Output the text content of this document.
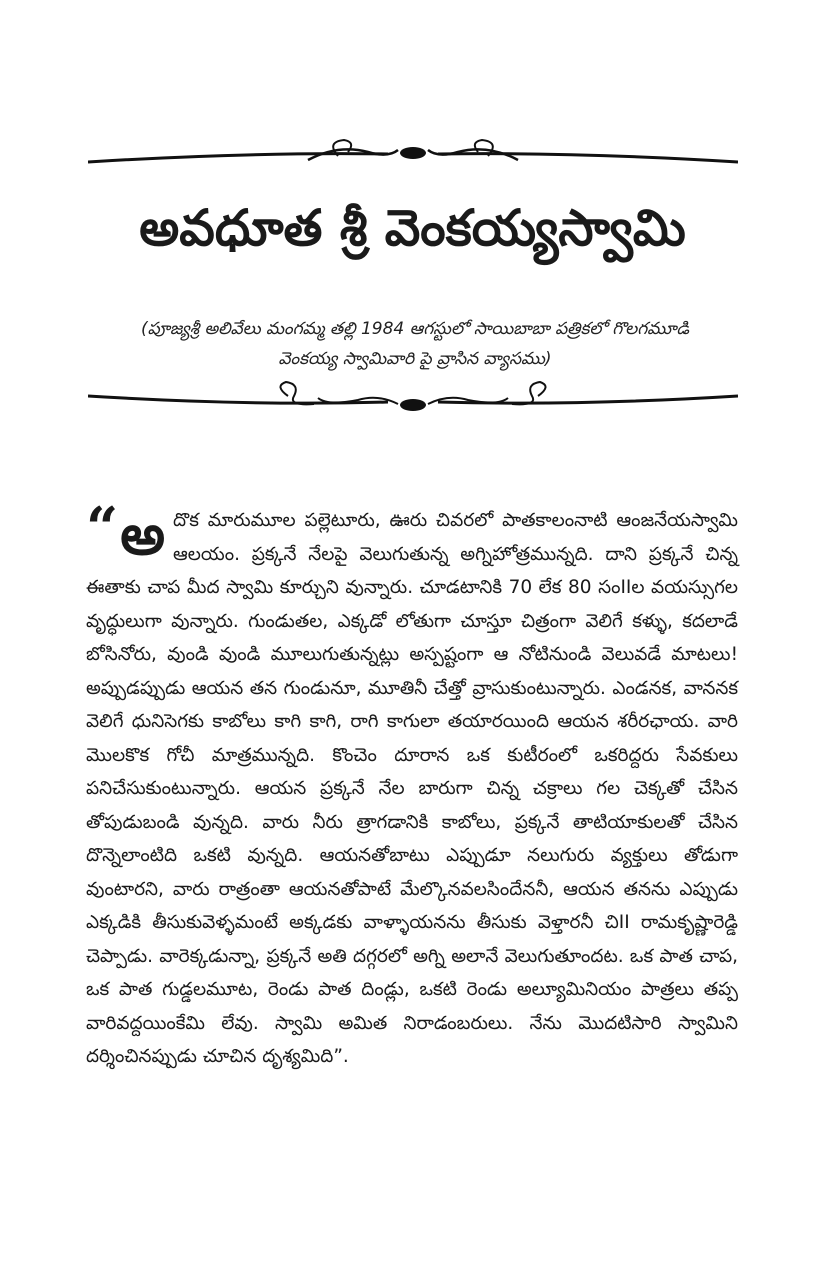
అవధూత శ్రీ వెంకయ్యస్వామి
(పూజ్యశ్రీ అలివేలు మంగమ్మ తల్లి 1984 ఆగస్టులో సాయిబాబా పత్రికలో గొలగమూడి వెంకయ్య స్వామివారి పై వ్రాసిన వ్యాసము)
“ అ దొక మారుమూల పల్లెటూరు, ఊరు చివరలో పాతకాలంనాటి ఆంజనేయస్వామి ఆలయం. ప్రక్కనే నేలపై వెలుగుతున్న అగ్నిహోత్రమున్నది. దాని ప్రక్కనే చిన్న ఈతాకు చాప మీద స్వామి కూర్చుని వున్నారు. చూడటానికి 70 లేక 80 సంIIల వయస్సుగల వృద్ధులుగా వున్నారు. గుండుతల, ఎక్కడో లోతుగా చూస్తూ చిత్రంగా వెలిగే కళ్ళు, కదలాడే బోసినోరు, వుండి వుండి మూలుగుతున్నట్లు అస్పష్టంగా ఆ నోటినుండి వెలువడే మాటలు! అప్పుడప్పుడు ఆయన తన గుండునూ, మూతినీ చేత్తో వ్రాసుకుంటున్నారు. ఎండనక, వాననక వెలిగే ధునిసెగకు కాబోలు కాగి కాగి, రాగి కాగులా తయారయింది ఆయన శరీరఛాయ. వారి మొలకొక గోచీ మాత్రమున్నది. కొంచెం దూరాన ఒక కుటీరంలో ఒకరిద్దరు సేవకులు పనిచేసుకుంటున్నారు. ఆయన ప్రక్కనే నేల బారుగా చిన్న చక్రాలు గల చెక్కతో చేసిన తోపుడుబండి వున్నది. వారు నీరు త్రాగడానికి కాబోలు, ప్రక్కనే తాటియాకులతో చేసిన దొన్నెలాంటిది ఒకటి వున్నది. ఆయనతోబాటు ఎప్పుడూ నలుగురు వ్యక్తులు తోడుగా వుంటారని, వారు రాత్రంతా ఆయనతోపాటే మేల్కొనవలసిందేననీ, ఆయన తనను ఎప్పుడు ఎక్కడికి తీసుకువెళ్ళమంటే అక్కడకు వాళ్ళాయనను తీసుకు వెళ్తారనీ చిII రామకృష్ణారెడ్డి చెప్పాడు. వారెక్కడున్నా, ప్రక్కనే అతి దగ్గరలో అగ్ని అలానే వెలుగుతూందట. ఒక పాత చాప, ఒక పాత గుడ్డలమూట, రెండు పాత దిండ్లు, ఒకటి రెండు అల్యూమినియం పాత్రలు తప్ప వారివద్దయింకేమి లేవు. స్వామి అమిత నిరాడంబరులు. నేను మొదటిసారి స్వామిని దర్శించినప్పుడు చూచిన దృశ్యమిది”.
